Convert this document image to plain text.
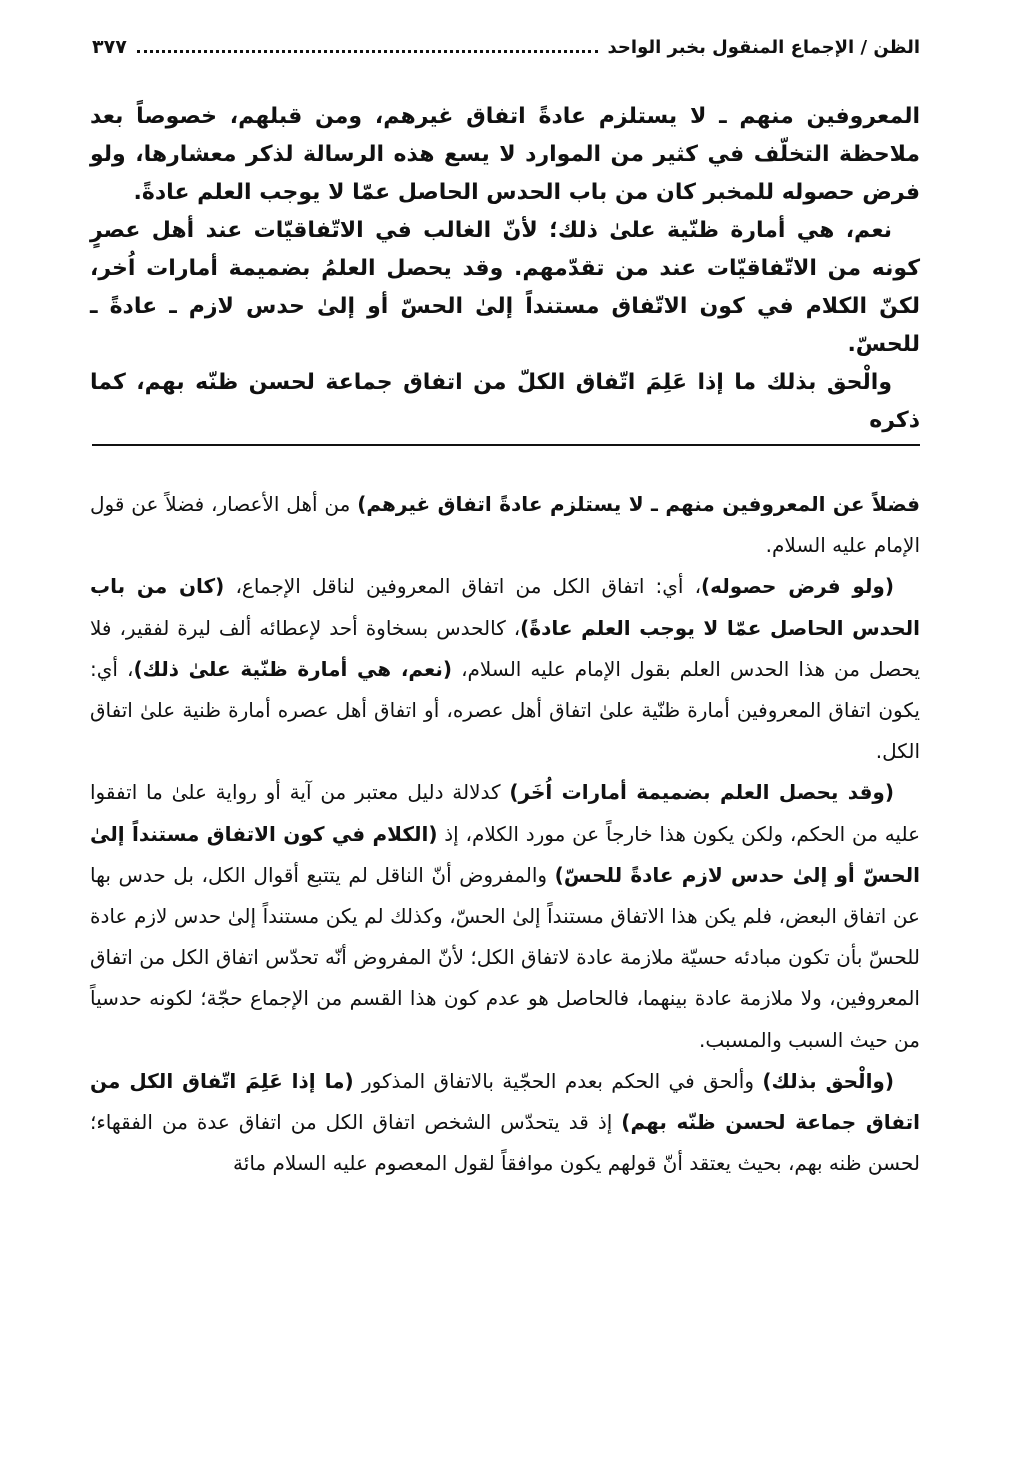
الظن / الإجماع المنقول بخبر الواحد
٣٧٧

المعروفين منهم ـ لا يستلزم عادةً اتفاق غيرهم، ومن قبلهم، خصوصاً بعد ملاحظة التخلّف في كثير من الموارد لا يسع هذه الرسالة لذكر معشارها، ولو فرض حصوله للمخبر كان من باب الحدس الحاصل عمّا لا يوجب العلم عادةً.

نعم، هي أمارة ظنّية علىٰ ذلك؛ لأنّ الغالب في الاتّفاقيّات عند أهل عصرٍ كونه من الاتّفاقيّات عند من تقدّمهم. وقد يحصل العلمُ بضميمة أمارات اُخر، لكنّ الكلام في كون الاتّفاق مستنداً إلىٰ الحسّ أو إلىٰ حدس لازم ـ عادةً ـ للحسّ.

والْحق بذلك ما إذا عَلِمَ اتّفاق الكلّ من اتفاق جماعة لحسن ظنّه بهم، كما ذكره

فضلاً عن المعروفين منهم ـ لا يستلزم عادةً اتفاق غيرهم) من أهل الأعصار، فضلاً عن قول الإمام عليه السلام.

(ولو فرض حصوله)، أي: اتفاق الكل من اتفاق المعروفين لناقل الإجماع، (كان من باب الحدس الحاصل عمّا لا يوجب العلم عادةً)، كالحدس بسخاوة أحد لإعطائه ألف ليرة لفقير، فلا يحصل من هذا الحدس العلم بقول الإمام عليه السلام، (نعم، هي أمارة ظنّية علىٰ ذلك)، أي: يكون اتفاق المعروفين أمارة ظنّية علىٰ اتفاق أهل عصره، أو اتفاق أهل عصره أمارة ظنية علىٰ اتفاق الكل.

(وقد يحصل العلم بضميمة أمارات اُخَر) كدلالة دليل معتبر من آية أو رواية علىٰ ما اتفقوا عليه من الحكم، ولكن يكون هذا خارجاً عن مورد الكلام، إذ (الكلام في كون الاتفاق مستنداً إلىٰ الحسّ أو إلىٰ حدس لازم عادةً للحسّ) والمفروض أنّ الناقل لم يتتبع أقوال الكل، بل حدس بها عن اتفاق البعض، فلم يكن هذا الاتفاق مستنداً إلىٰ الحسّ، وكذلك لم يكن مستنداً إلىٰ حدس لازم عادة للحسّ بأن تكون مبادئه حسيّة ملازمة عادة لاتفاق الكل؛ لأنّ المفروض أنّه تحدّس اتفاق الكل من اتفاق المعروفين، ولا ملازمة عادة بينهما، فالحاصل هو عدم كون هذا القسم من الإجماع حجّة؛ لكونه حدسياً من حيث السبب والمسبب.

(والْحق بذلك) وألحق في الحكم بعدم الحجّية بالاتفاق المذكور (ما إذا عَلِمَ اتّفاق الكل من اتفاق جماعة لحسن ظنّه بهم) إذ قد يتحدّس الشخص اتفاق الكل من اتفاق عدة من الفقهاء؛ لحسن ظنه بهم، بحيث يعتقد أنّ قولهم يكون موافقاً لقول المعصوم عليه السلام مائة
